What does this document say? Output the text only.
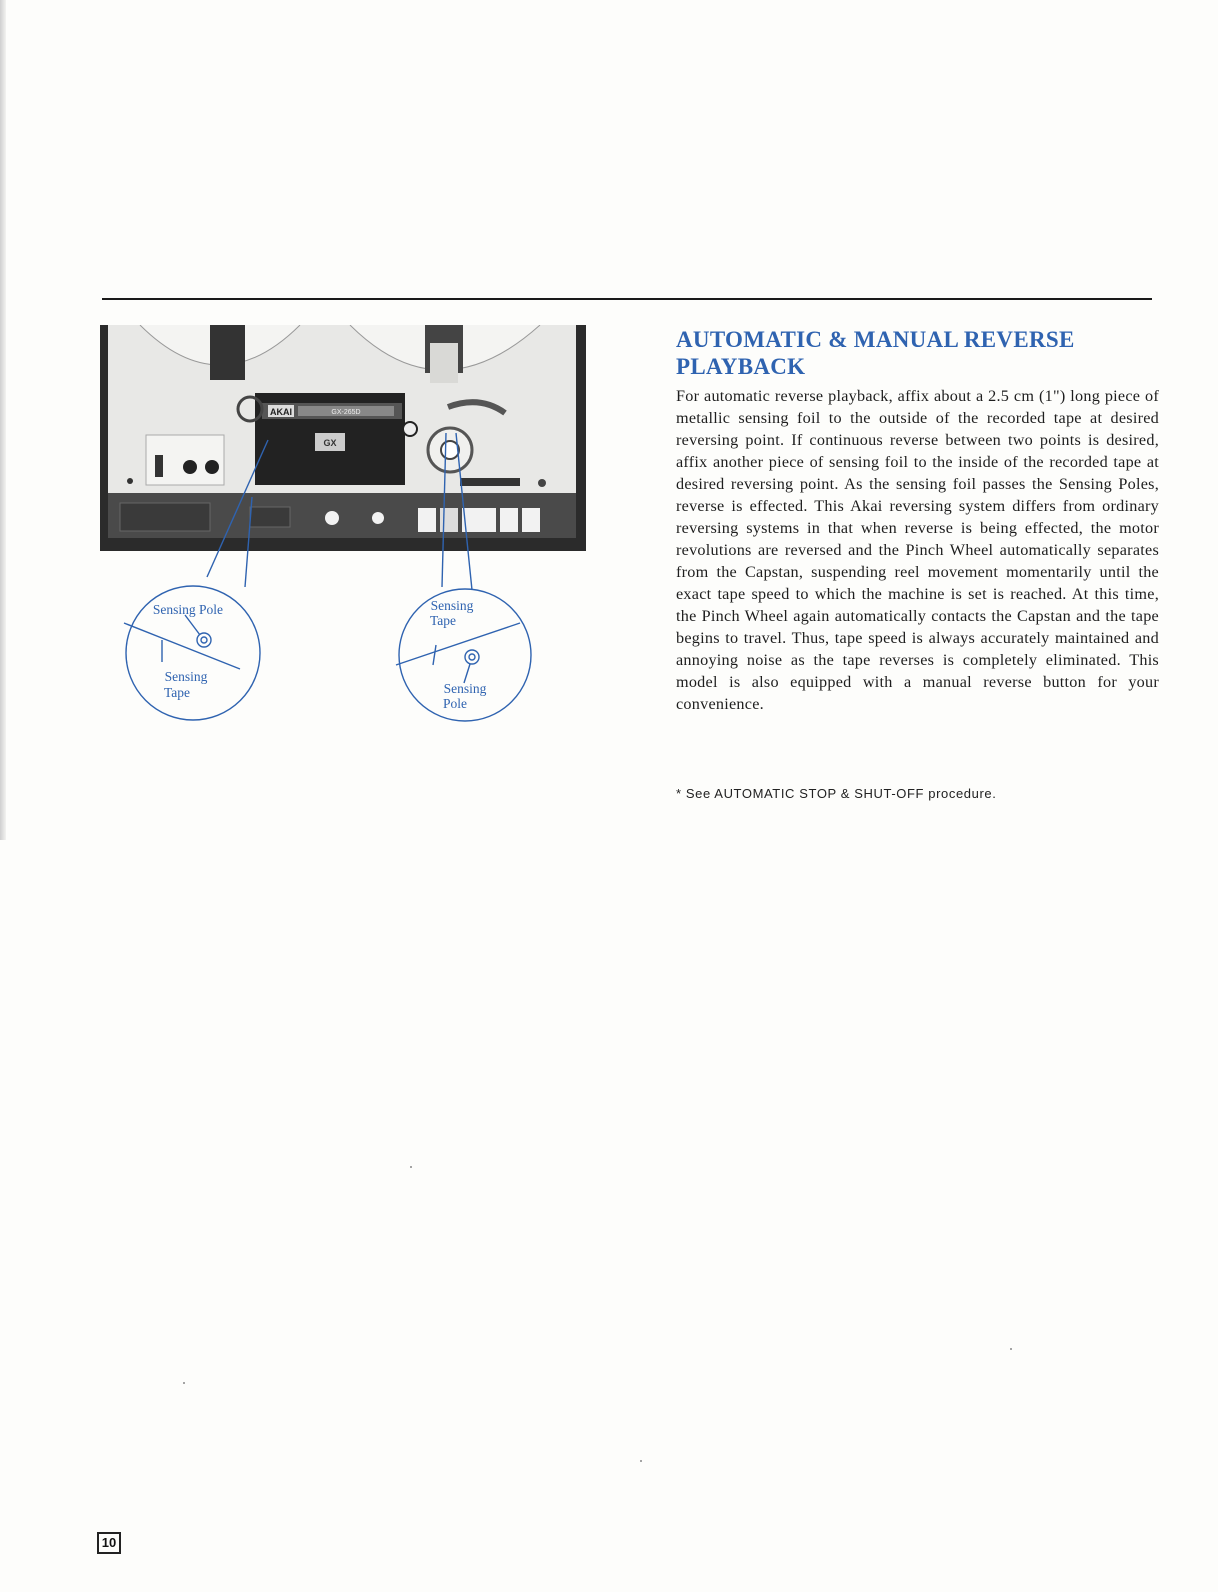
AKAI	GX-265D
GX
Sensing Pole
Sensing
Tape
Sensing
Tape
Sensing
Pole
AUTOMATIC & MANUAL REVERSE PLAYBACK

For automatic reverse playback, affix about a 2.5 cm (1") long piece of metallic sensing foil to the outside of the recorded tape at desired reversing point. If continuous reverse between two points is desired, affix another piece of sensing foil to the inside of the recorded tape at desired reversing point. As the sensing foil passes the Sensing Poles, reverse is effected. This Akai reversing system differs from ordinary reversing systems in that when reverse is being effected, the motor revolutions are reversed and the Pinch Wheel automatically separates from the Capstan, suspending reel movement momentarily until the exact tape speed to which the machine is set is reached. At this time, the Pinch Wheel again automatically contacts the Capstan and the tape begins to travel. Thus, tape speed is always accurately maintained and annoying noise as the tape reverses is completely eliminated. This model is also equipped with a manual reverse button for your convenience.

* See AUTOMATIC STOP & SHUT-OFF procedure.

10
